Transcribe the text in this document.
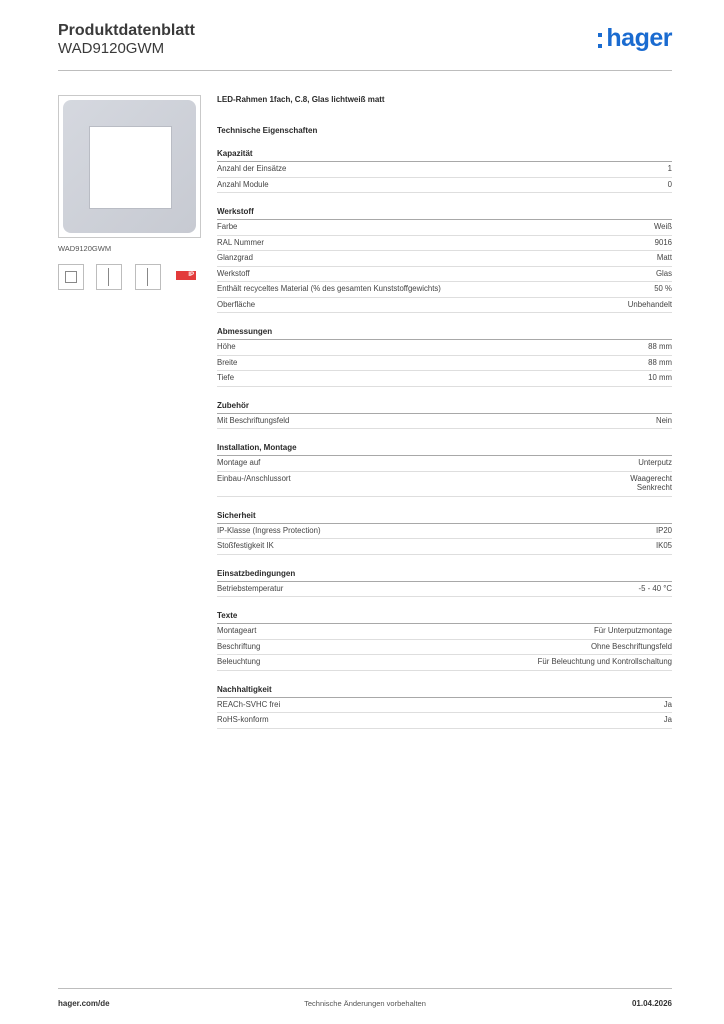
Produktdatenblatt
WAD9120GWM	hager
WAD9120GWM
IP
LED-Rahmen 1fach, C.8, Glas lichtweiß matt
Technische Eigenschaften
Kapazität
Anzahl der Einsätze	1
Anzahl Module	0
Werkstoff
Farbe	Weiß
RAL Nummer	9016
Glanzgrad	Matt
Werkstoff	Glas
Enthält recyceltes Material (% des gesamten Kunststoffgewichts)	50 %
Oberfläche	Unbehandelt
Abmessungen
Höhe	88 mm
Breite	88 mm
Tiefe	10 mm
Zubehör
Mit Beschriftungsfeld	Nein
Installation, Montage
Montage auf	Unterputz
Einbau-/Anschlussort	Waagerecht
Senkrecht
Sicherheit
IP-Klasse (Ingress Protection)	IP20
Stoßfestigkeit IK	IK05
Einsatzbedingungen
Betriebstemperatur	-5 - 40 °C
Texte
Montageart	Für Unterputzmontage
Beschriftung	Ohne Beschriftungsfeld
Beleuchtung	Für Beleuchtung und Kontrollschaltung
Nachhaltigkeit
REACh-SVHC frei	Ja
RoHS-konform	Ja
hager.com/de	Technische Änderungen vorbehalten	01.04.2026
